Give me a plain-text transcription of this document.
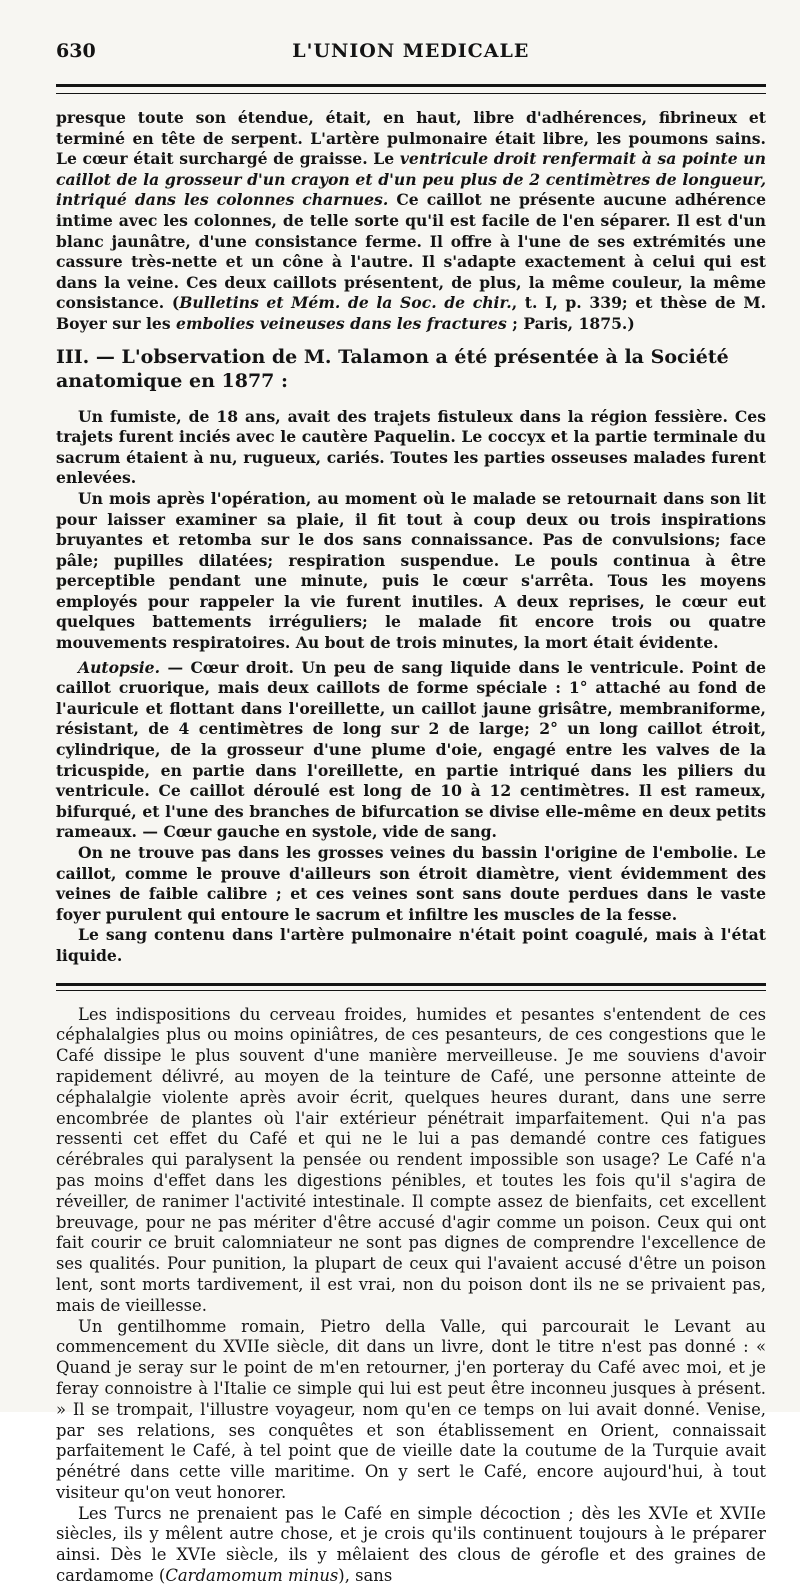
630	L'UNION MEDICALE

presque toute son étendue, était, en haut, libre d'adhérences, fibrineux et terminé en tête de serpent. L'artère pulmonaire était libre, les poumons sains. Le cœur était surchargé de graisse. Le ventricule droit renfermait à sa pointe un caillot de la grosseur d'un crayon et d'un peu plus de 2 centimètres de longueur, intriqué dans les colonnes charnues. Ce caillot ne présente aucune adhérence intime avec les colonnes, de telle sorte qu'il est facile de l'en séparer. Il est d'un blanc jaunâtre, d'une consistance ferme. Il offre à l'une de ses extrémités une cassure très-nette et un cône à l'autre. Il s'adapte exactement à celui qui est dans la veine. Ces deux caillots présentent, de plus, la même couleur, la même consistance. (Bulletins et Mém. de la Soc. de chir., t. I, p. 339; et thèse de M. Boyer sur les embolies veineuses dans les fractures ; Paris, 1875.)

III. — L'observation de M. Talamon a été présentée à la Société anatomique en 1877 :

Un fumiste, de 18 ans, avait des trajets fistuleux dans la région fessière. Ces trajets furent inciés avec le cautère Paquelin. Le coccyx et la partie terminale du sacrum étaient à nu, rugueux, cariés. Toutes les parties osseuses malades furent enlevées.

Un mois après l'opération, au moment où le malade se retournait dans son lit pour laisser examiner sa plaie, il fit tout à coup deux ou trois inspirations bruyantes et retomba sur le dos sans connaissance. Pas de convulsions; face pâle; pupilles dilatées; respiration suspendue. Le pouls continua à être perceptible pendant une minute, puis le cœur s'arrêta. Tous les moyens employés pour rappeler la vie furent inutiles. A deux reprises, le cœur eut quelques battements irréguliers; le malade fit encore trois ou quatre mouvements respiratoires. Au bout de trois minutes, la mort était évidente.

Autopsie. — Cœur droit. Un peu de sang liquide dans le ventricule. Point de caillot cruorique, mais deux caillots de forme spéciale : 1° attaché au fond de l'auricule et flottant dans l'oreillette, un caillot jaune grisâtre, membraniforme, résistant, de 4 centimètres de long sur 2 de large; 2° un long caillot étroit, cylindrique, de la grosseur d'une plume d'oie, engagé entre les valves de la tricuspide, en partie dans l'oreillette, en partie intriqué dans les piliers du ventricule. Ce caillot déroulé est long de 10 à 12 centimètres. Il est rameux, bifurqué, et l'une des branches de bifurcation se divise elle-même en deux petits rameaux. — Cœur gauche en systole, vide de sang.

On ne trouve pas dans les grosses veines du bassin l'origine de l'embolie. Le caillot, comme le prouve d'ailleurs son étroit diamètre, vient évidemment des veines de faible calibre ; et ces veines sont sans doute perdues dans le vaste foyer purulent qui entoure le sacrum et infiltre les muscles de la fesse.

Le sang contenu dans l'artère pulmonaire n'était point coagulé, mais à l'état liquide.

Les indispositions du cerveau froides, humides et pesantes s'entendent de ces céphalalgies plus ou moins opiniâtres, de ces pesanteurs, de ces congestions que le Café dissipe le plus souvent d'une manière merveilleuse. Je me souviens d'avoir rapidement délivré, au moyen de la teinture de Café, une personne atteinte de céphalalgie violente après avoir écrit, quelques heures durant, dans une serre encombrée de plantes où l'air extérieur pénétrait imparfaitement. Qui n'a pas ressenti cet effet du Café et qui ne le lui a pas demandé contre ces fatigues cérébrales qui paralysent la pensée ou rendent impossible son usage? Le Café n'a pas moins d'effet dans les digestions pénibles, et toutes les fois qu'il s'agira de réveiller, de ranimer l'activité intestinale. Il compte assez de bienfaits, cet excellent breuvage, pour ne pas mériter d'être accusé d'agir comme un poison. Ceux qui ont fait courir ce bruit calomniateur ne sont pas dignes de comprendre l'excellence de ses qualités. Pour punition, la plupart de ceux qui l'avaient accusé d'être un poison lent, sont morts tardivement, il est vrai, non du poison dont ils ne se privaient pas, mais de vieillesse.

Un gentilhomme romain, Pietro della Valle, qui parcourait le Levant au commencement du XVIIe siècle, dit dans un livre, dont le titre n'est pas donné : « Quand je seray sur le point de m'en retourner, j'en porteray du Café avec moi, et je feray connoistre à l'Italie ce simple qui lui est peut être inconneu jusques à présent. » Il se trompait, l'illustre voyageur, nom qu'en ce temps on lui avait donné. Venise, par ses relations, ses conquêtes et son établissement en Orient, connaissait parfaitement le Café, à tel point que de vieille date la coutume de la Turquie avait pénétré dans cette ville maritime. On y sert le Café, encore aujourd'hui, à tout visiteur qu'on veut honorer.

Les Turcs ne prenaient pas le Café en simple décoction ; dès les XVIe et XVIIe siècles, ils y mêlent autre chose, et je crois qu'ils continuent toujours à le préparer ainsi. Dès le XVIe siècle, ils y mêlaient des clous de gérofle et des graines de cardamome (Cardamomum minus), sans
